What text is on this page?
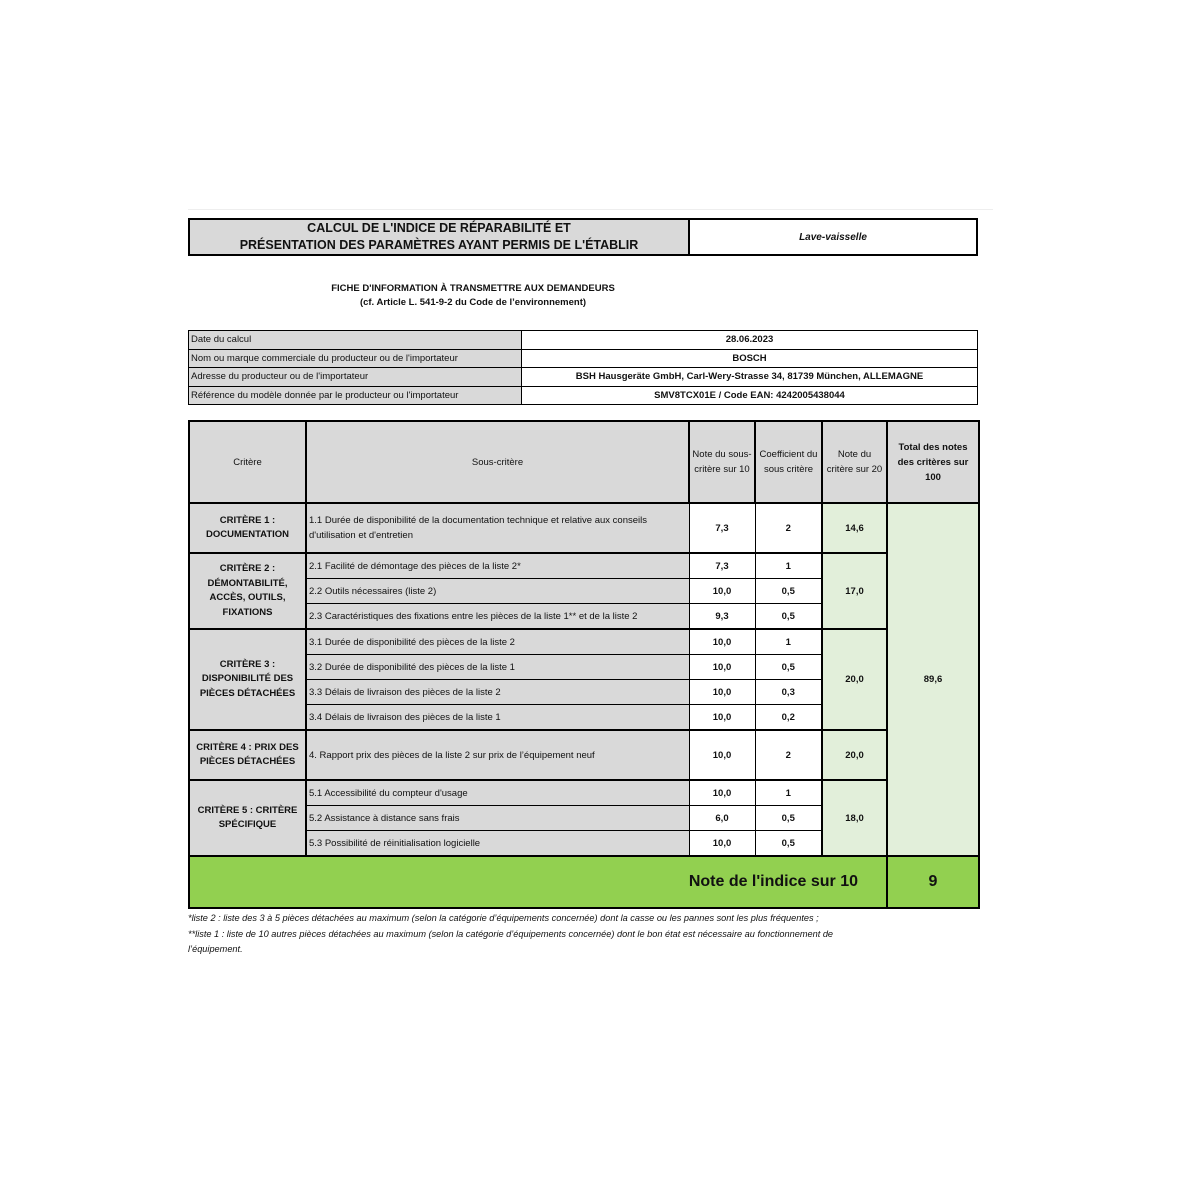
CALCUL DE L'INDICE DE RÉPARABILITÉ ET
PRÉSENTATION DES PARAMÈTRES AYANT PERMIS DE L'ÉTABLIR
	Lave-vaisselle
FICHE D'INFORMATION À TRANSMETTRE AUX DEMANDEURS
(cf. Article L. 541-9-2 du Code de l’environnement)
Date du calcul	28.06.2023
Nom ou marque commerciale du producteur ou de l'importateur	BOSCH
Adresse du producteur ou de l'importateur	BSH Hausgeräte GmbH, Carl-Wery-Strasse 34, 81739 München, ALLEMAGNE
Référence du modèle donnée par le producteur ou l'importateur	SMV8TCX01E / Code EAN: 4242005438044
Critère	Sous-critère	Note du sous-critère sur 10	Coefficient du sous critère	Note du critère sur 20	Total des notes des critères sur 100
CRITÈRE 1 : DOCUMENTATION	1.1 Durée de disponibilité de la documentation technique et relative aux conseils d'utilisation et d'entretien	7,3	2	14,6	89,6
CRITÈRE 2 : DÉMONTABILITÉ, ACCÈS, OUTILS, FIXATIONS	2.1 Facilité de démontage des pièces de la liste 2*	7,3	1	17,0	
	2.2 Outils nécessaires (liste 2)	10,0	0,5		
	2.3 Caractéristiques des fixations entre les pièces de la liste 1** et de la liste 2	9,3	0,5		
CRITÈRE 3 : DISPONIBILITÉ DES PIÈCES DÉTACHÉES	3.1 Durée de disponibilité des pièces de la liste 2	10,0	1	20,0	
	3.2 Durée de disponibilité des pièces de la liste 1	10,0	0,5		
	3.3 Délais de livraison des pièces de la liste 2	10,0	0,3		
	3.4 Délais de livraison des pièces de la liste 1	10,0	0,2		
CRITÈRE 4 : PRIX DES PIÈCES DÉTACHÉES	4. Rapport prix des pièces de la liste 2 sur prix de l’équipement neuf	10,0	2	20,0	
CRITÈRE 5 : CRITÈRE SPÉCIFIQUE	5.1 Accessibilité du compteur d'usage	10,0	1	18,0	
	5.2 Assistance à distance sans frais	6,0	0,5		
	5.3 Possibilité de réinitialisation logicielle	10,0	0,5		
Note de l'indice sur 10					9
*liste 2 : liste des 3 à 5 pièces détachées au maximum (selon la catégorie d’équipements concernée) dont la casse ou les pannes sont les plus fréquentes ;
**liste 1 : liste de 10 autres pièces détachées au maximum (selon la catégorie d’équipements concernée) dont le bon état est nécessaire au fonctionnement de
l’équipement.
